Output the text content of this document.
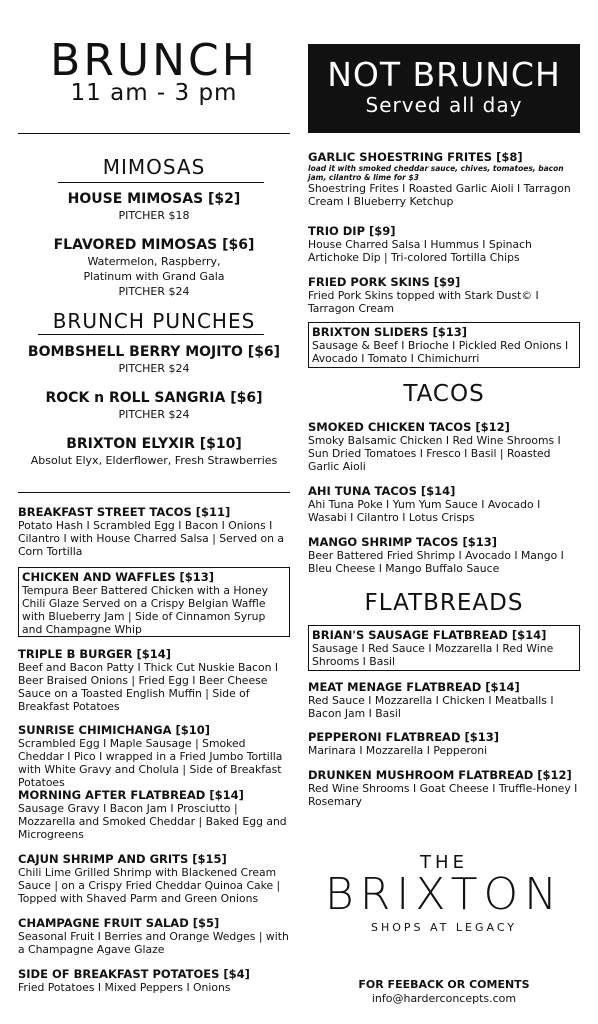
BRUNCH
11 am - 3 pm
MIMOSAS
HOUSE MIMOSAS [$2]
PITCHER $18
FLAVORED MIMOSAS [$6]
Watermelon, Raspberry,
Platinum with Grand Gala
PITCHER $24
BRUNCH PUNCHES
BOMBSHELL BERRY MOJITO [$6]
PITCHER $24
ROCK n ROLL SANGRIA [$6]
PITCHER $24
BRIXTON ELYXIR [$10]
Absolut Elyx, Elderflower, Fresh Strawberries
BREAKFAST STREET TACOS [$11]
Potato Hash I Scrambled Egg I Bacon I Onions I Cilantro I with House Charred Salsa | Served on a Corn Tortilla
CHICKEN AND WAFFLES [$13]
Tempura Beer Battered Chicken with a Honey Chili Glaze Served on a Crispy Belgian Waffle with Blueberry Jam | Side of Cinnamon Syrup and Champagne Whip
TRIPLE B BURGER [$14]
Beef and Bacon Patty I Thick Cut Nuskie Bacon I Beer Braised Onions | Fried Egg I Beer Cheese Sauce on a Toasted English Muffin | Side of Breakfast Potatoes
SUNRISE CHIMICHANGA [$10]
Scrambled Egg I Maple Sausage | Smoked Cheddar I Pico I wrapped in a Fried Jumbo Tortilla with White Gravy and Cholula | Side of Breakfast Potatoes
MORNING AFTER FLATBREAD [$14]
Sausage Gravy I Bacon Jam I Prosciutto | Mozzarella and Smoked Cheddar | Baked Egg and Microgreens
CAJUN SHRIMP AND GRITS [$15]
Chili Lime Grilled Shrimp with Blackened Cream Sauce | on a Crispy Fried Cheddar Quinoa Cake | Topped with Shaved Parm and Green Onions
CHAMPAGNE FRUIT SALAD [$5]
Seasonal Fruit I Berries and Orange Wedges | with a Champagne Agave Glaze
SIDE OF BREAKFAST POTATOES [$4]
Fried Potatoes I Mixed Peppers I Onions
NOT BRUNCH
Served all day
GARLIC SHOESTRING FRITES [$8]
load it with smoked cheddar sauce, chives, tomatoes, bacon jam, cilantro & lime for $3
Shoestring Frites I Roasted Garlic Aioli I Tarragon Cream I Blueberry Ketchup
TRIO DIP [$9]
House Charred Salsa I Hummus I Spinach Artichoke Dip | Tri-colored Tortilla Chips
FRIED PORK SKINS [$9]
Fried Pork Skins topped with Stark Dust© I Tarragon Cream
BRIXTON SLIDERS [$13]
Sausage & Beef I Brioche I Pickled Red Onions I Avocado I Tomato I Chimichurri
TACOS
SMOKED CHICKEN TACOS [$12]
Smoky Balsamic Chicken I Red Wine Shrooms I Sun Dried Tomatoes I Fresco I Basil | Roasted Garlic Aioli
AHI TUNA TACOS [$14]
Ahi Tuna Poke I Yum Yum Sauce I Avocado I Wasabi I Cilantro I Lotus Crisps
MANGO SHRIMP TACOS [$13]
Beer Battered Fried Shrimp I Avocado I Mango I Bleu Cheese I Mango Buffalo Sauce
FLATBREADS
BRIAN'S SAUSAGE FLATBREAD [$14]
Sausage I Red Sauce I Mozzarella I Red Wine Shrooms I Basil
MEAT MENAGE FLATBREAD [$14]
Red Sauce I Mozzarella I Chicken I Meatballs I Bacon Jam I Basil
PEPPERONI FLATBREAD [$13]
Marinara I Mozzarella I Pepperoni
DRUNKEN MUSHROOM FLATBREAD [$12]
Red Wine Shrooms I Goat Cheese I Truffle-Honey I Rosemary
THE
BRIXTON
SHOPS AT LEGACY
FOR FEEBACK OR COMENTS
info@harderconcepts.com
